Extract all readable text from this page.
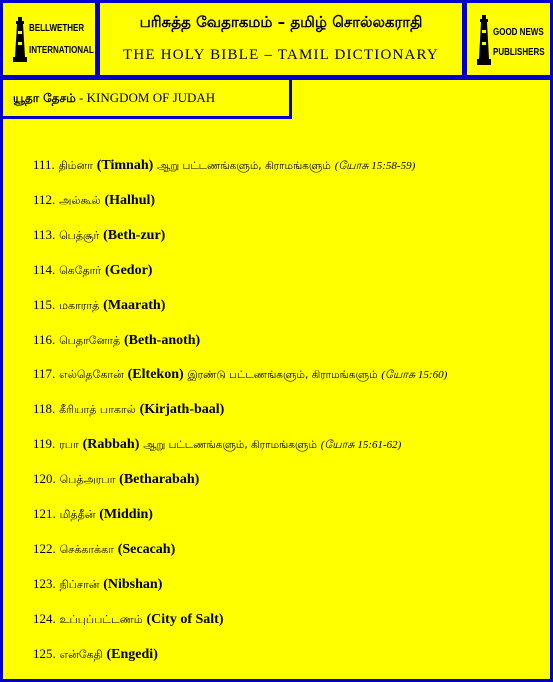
BELLWETHER
INTERNATIONAL
பரிசுத்த வேதாகமம் – தமிழ் சொல்லகராதி
THE HOLY BIBLE – TAMIL DICTIONARY
GOOD NEWS
PUBLISHERS
111. திம்னா (Timnah) ஆறு பட்டணங்களும், கிராமங்களும் (யோசு 15:58-59)
112. அல்கூல் (Halhul)
113. பெத்சூர் (Beth-zur)
114. கெதோர் (Gedor)
115. மகாராத் (Maarath)
116. பெதானோத் (Beth-anoth)
117. எல்தெகோன் (Eltekon) இரண்டு பட்டணங்களும், கிராமங்களும் (யோசு 15:60)
118. கீரியாத் பாகால் (Kirjath-baal)
119. ரபா (Rabbah) ஆறு பட்டணங்களும், கிராமங்களும் (யோசு 15:61-62)
120. பெத்அரபா (Betharabah)
121. மித்தீன் (Middin)
122. செக்காக்கா (Secacah)
123. நிப்சான் (Nibshan)
124. உப்புப்பட்டணம் (City of Salt)
125. என்கேதி (Engedi)
யூதா தேசம் - KINGDOM OF JUDAH
